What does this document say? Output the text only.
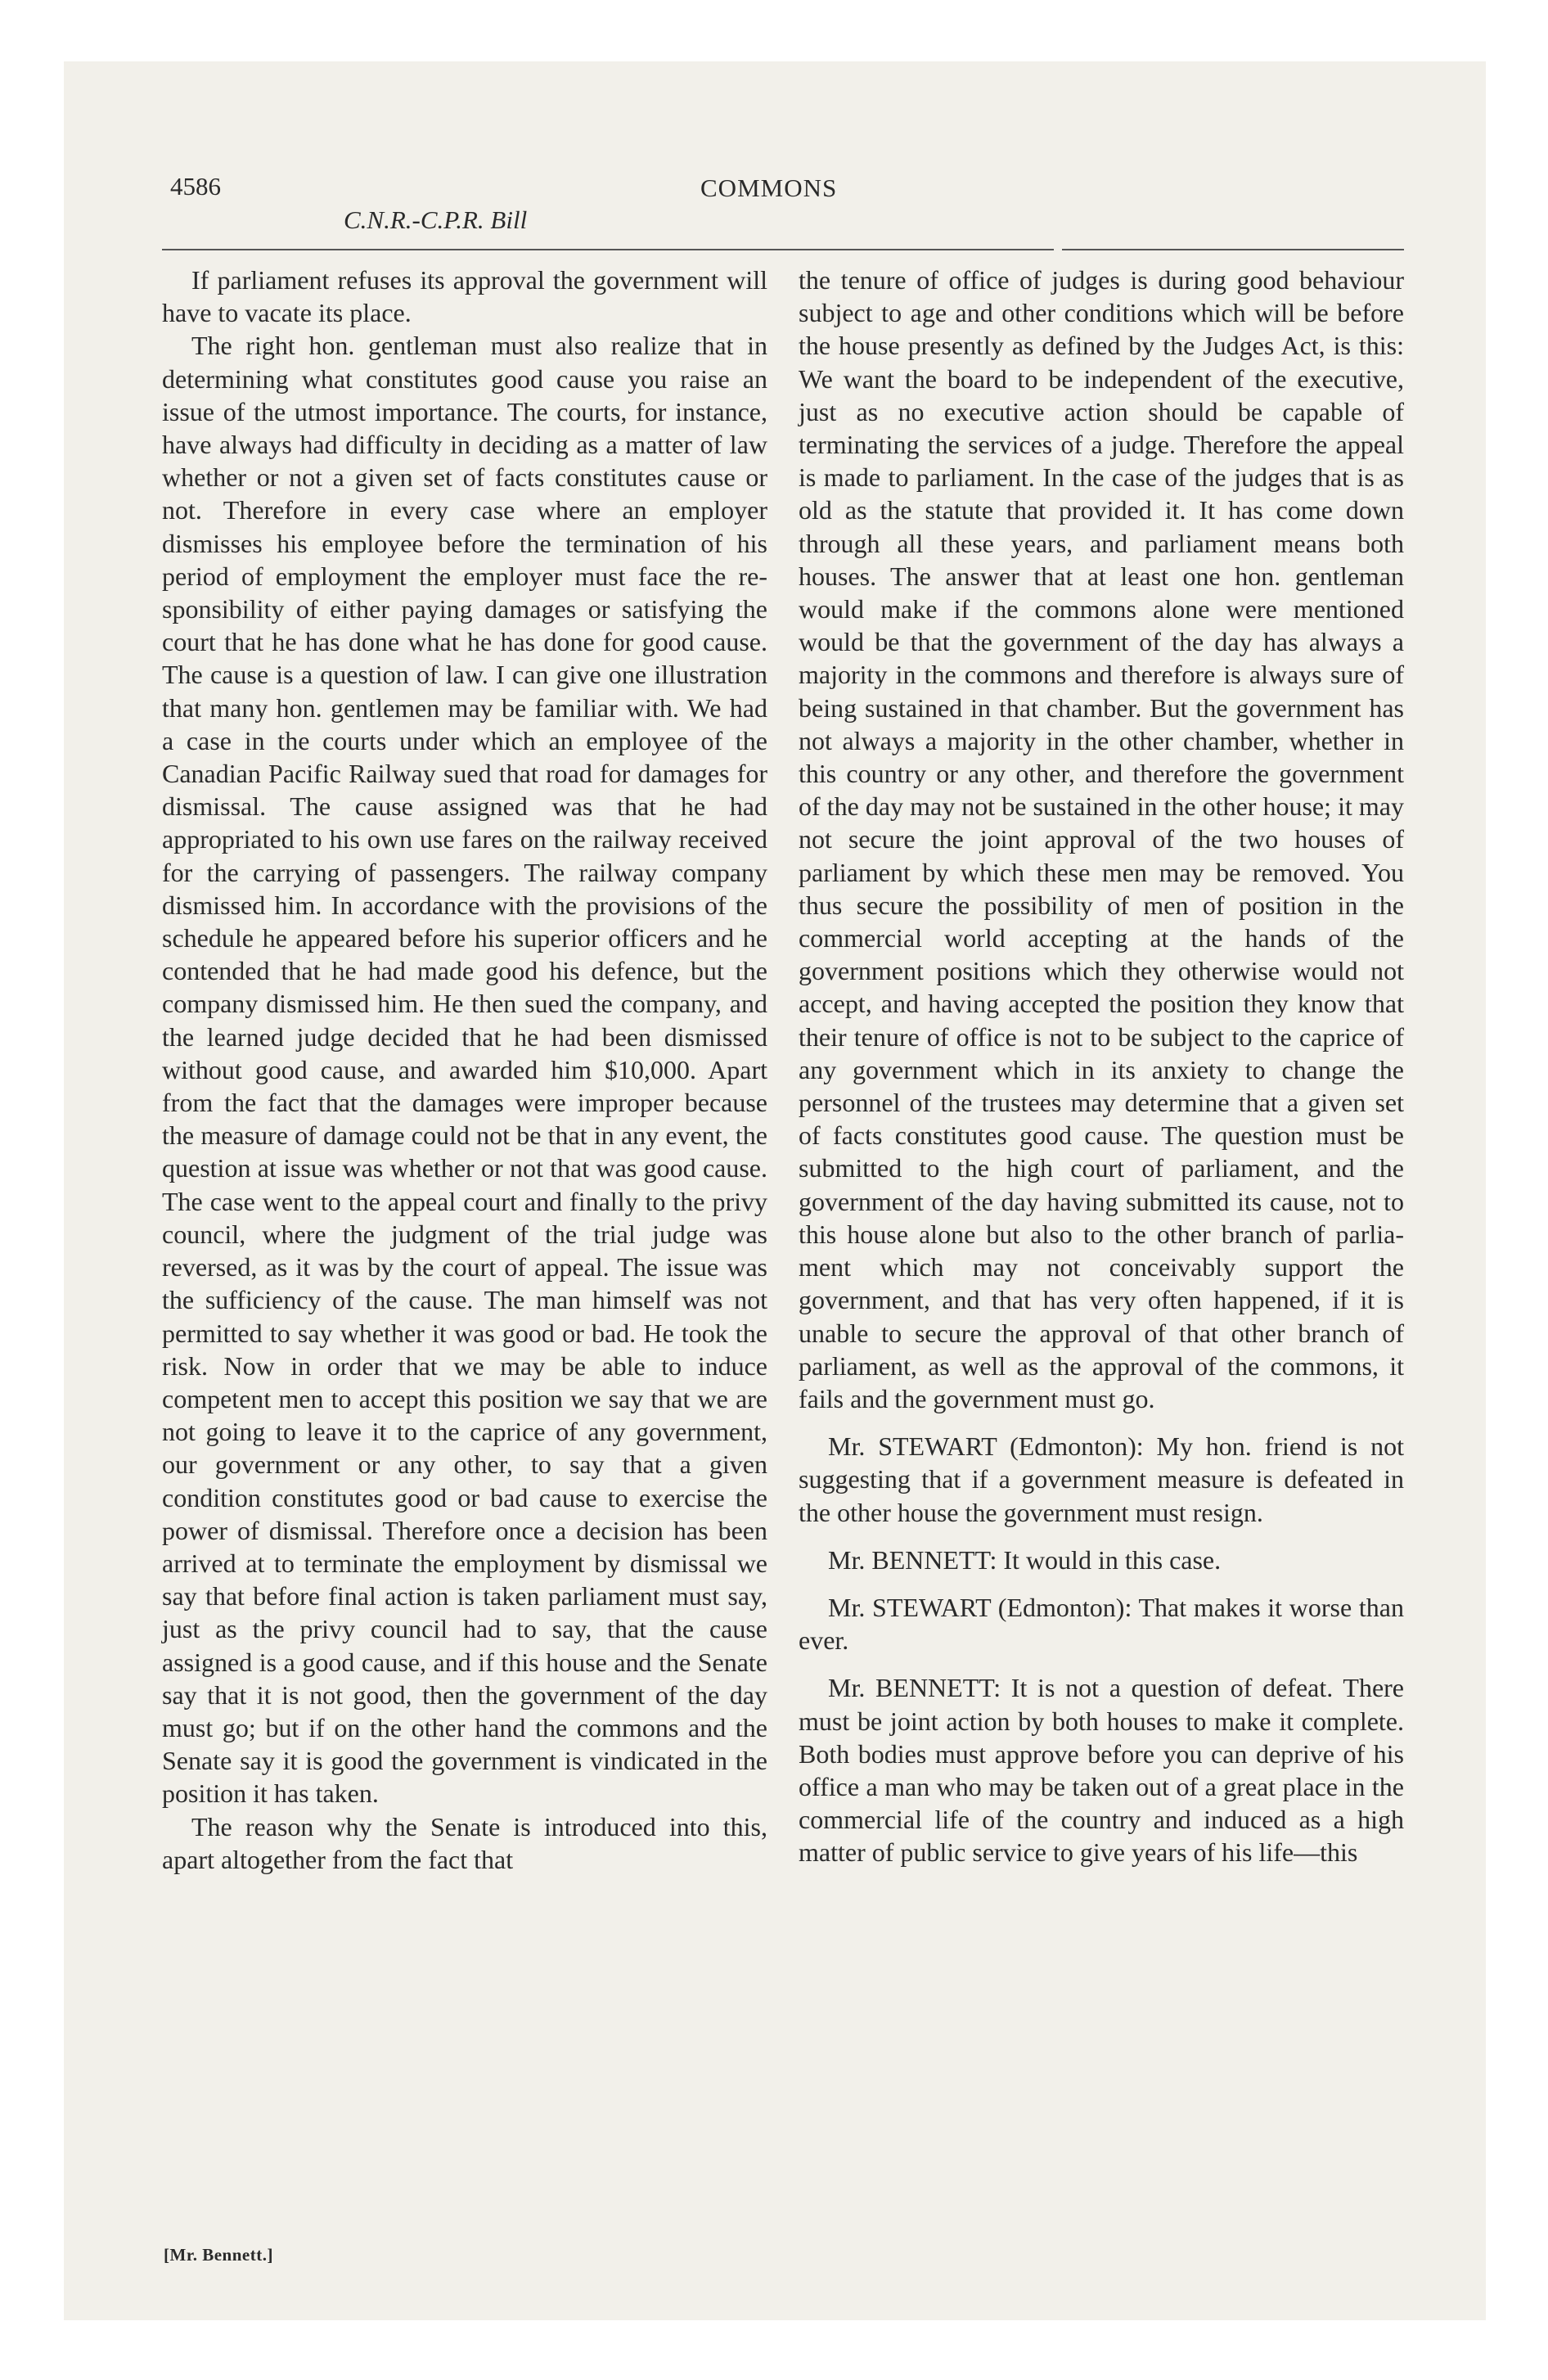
4586
C.N.R.-C.P.R. Bill
COMMONS

If parliament refuses its approval the government will have to vacate its place.

The right hon. gentleman must also realize that in determining what constitutes good cause you raise an issue of the utmost importance. The courts, for instance, have always had difficulty in deciding as a matter of law whether or not a given set of facts constitutes cause or not. Therefore in every case where an employer dismisses his employee before the termination of his period of employment the employer must face the responsibility of either paying damages or satisfying the court that he has done what he has done for good cause. The cause is a question of law. I can give one illustration that many hon. gentlemen may be familiar with. We had a case in the courts under which an employee of the Canadian Pacific Railway sued that road for damages for dismissal. The cause assigned was that he had appropriated to his own use fares on the railway received for the carrying of passengers. The railway company dismissed him. In accordance with the provisions of the schedule he appeared before his superior officers and he contended that he had made good his defence, but the company dismissed him. He then sued the company, and the learned judge decided that he had been dismissed without good cause, and awarded him $10,000. Apart from the fact that the damages were improper because the measure of damage could not be that in any event, the question at issue was whether or not that was good cause. The case went to the appeal court and finally to the privy council, where the judgment of the trial judge was reversed, as it was by the court of appeal. The issue was the sufficiency of the cause. The man himself was not permitted to say whether it was good or bad. He took the risk. Now in order that we may be able to induce competent men to accept this position we say that we are not going to leave it to the caprice of any government, our government or any other, to say that a given condition constitutes good or bad cause to exercise the power of dismissal. Therefore once a decision has been arrived at to terminate the employment by dismissal we say that before final action is taken parliament must say, just as the privy council had to say, that the cause assigned is a good cause, and if this house and the Senate say that it is not good, then the government of the day must go; but if on the other hand the commons and the Senate say it is good the government is vindicated in the position it has taken.

The reason why the Senate is introduced into this, apart altogether from the fact that

the tenure of office of judges is during good behaviour subject to age and other conditions which will be before the house presently as defined by the Judges Act, is this: We want the board to be independent of the executive, just as no executive action should be capable of terminating the services of a judge. Therefore the appeal is made to parliament. In the case of the judges that is as old as the statute that provided it. It has come down through all these years, and parliament means both houses. The answer that at least one hon. gentleman would make if the commons alone were mentioned would be that the government of the day has always a majority in the commons and therefore is always sure of being sustained in that chamber. But the government has not always a majority in the other chamber, whether in this country or any other, and therefore the government of the day may not be sustained in the other house; it may not secure the joint approval of the two houses of parliament by which these men may be removed. You thus secure the possibility of men of position in the commercial world accepting at the hands of the government positions which they otherwise would not accept, and having accepted the position they know that their tenure of office is not to be subject to the caprice of any government which in its anxiety to change the personnel of the trustees may determine that a given set of facts constitutes good cause. The question must be submitted to the high court of parliament, and the government of the day having submitted its cause, not to this house alone but also to the other branch of parliament which may not conceivably support the government, and that has very often happened, if it is unable to secure the approval of that other branch of parliament, as well as the approval of the commons, it fails and the government must go.

Mr. STEWART (Edmonton): My hon. friend is not suggesting that if a government measure is defeated in the other house the government must resign.

Mr. BENNETT: It would in this case.

Mr. STEWART (Edmonton): That makes it worse than ever.

Mr. BENNETT: It is not a question of defeat. There must be joint action by both houses to make it complete. Both bodies must approve before you can deprive of his office a man who may be taken out of a great place in the commercial life of the country and induced as a high matter of public service to give years of his life—this

[Mr. Bennett.]
